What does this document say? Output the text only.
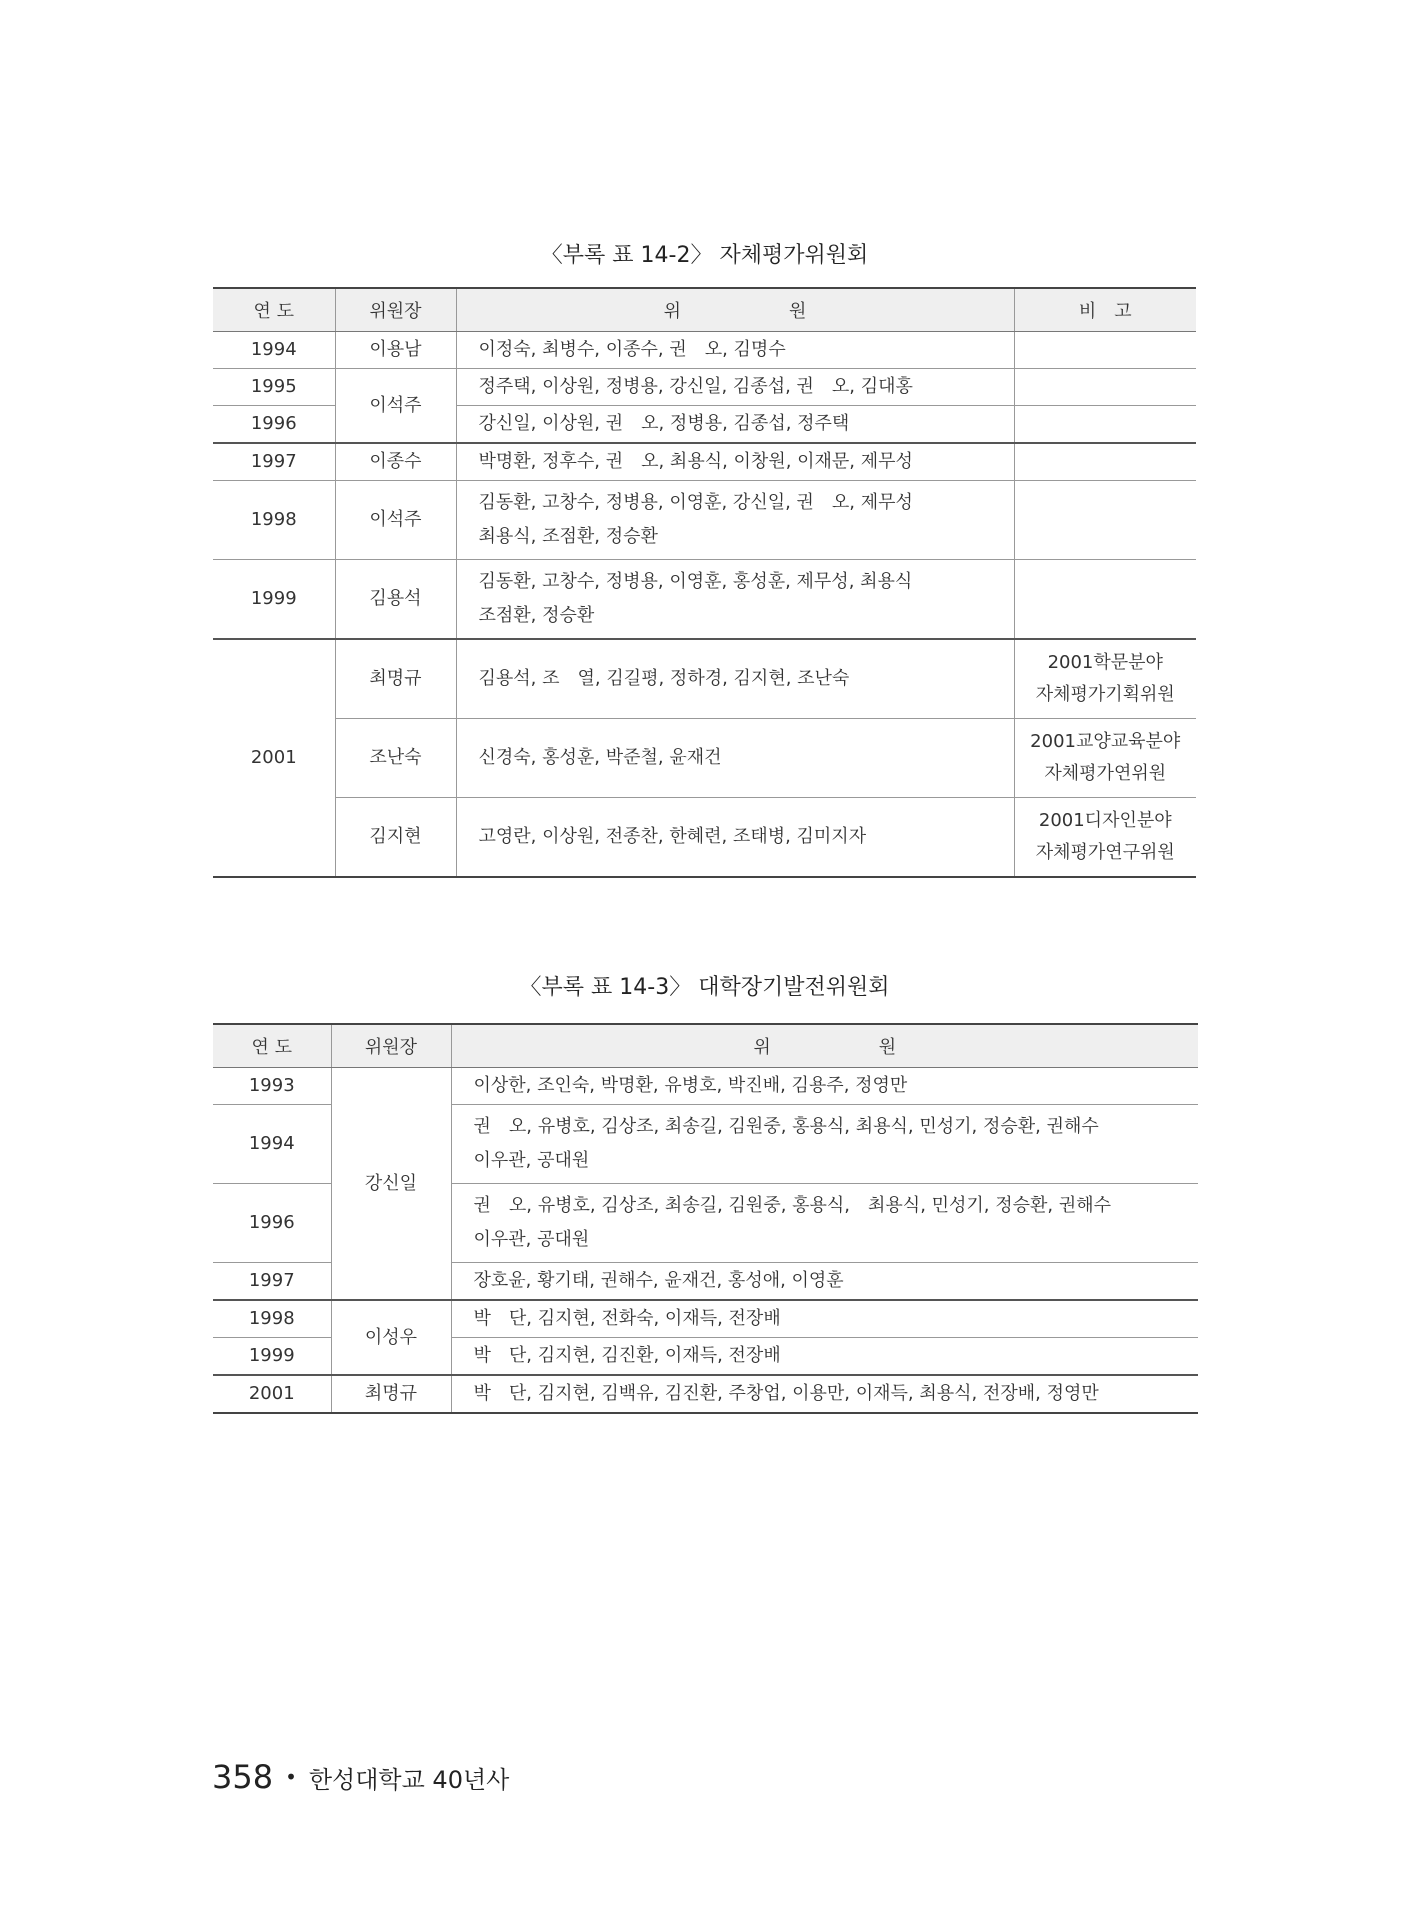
〈부록 표 14-2〉 자체평가위원회
연 도	위원장	위　　　　　　원	비　고
1994	이용남	이정숙, 최병수, 이종수, 권　오, 김명수	
1995	이석주	정주택, 이상원, 정병용, 강신일, 김종섭, 권　오, 김대홍	
1996		강신일, 이상원, 권　오, 정병용, 김종섭, 정주택	
1997	이종수	박명환, 정후수, 권　오, 최용식, 이창원, 이재문, 제무성	
1998	이석주	김동환, 고창수, 정병용, 이영훈, 강신일, 권　오, 제무성
최용식, 조점환, 정승환	

1999	김용석	김동환, 고창수, 정병용, 이영훈, 홍성훈, 제무성, 최용식
조점환, 정승환	

2001	최명규	김용석, 조　열, 김길평, 정하경, 김지현, 조난숙	2001학문분야
자체평가기획위원

	조난숙	신경숙, 홍성훈, 박준철, 윤재건	2001교양교육분야
자체평가연위원

	김지현	고영란, 이상원, 전종찬, 한혜련, 조태병, 김미지자	2001디자인분야
자체평가연구위원
〈부록 표 14-3〉 대학장기발전위원회
연 도	위원장	위　　　　　　원
1993	강신일	이상한, 조인숙, 박명환, 유병호, 박진배, 김용주, 정영만
1994		권　오, 유병호, 김상조, 최송길, 김원중, 홍용식, 최용식, 민성기, 정승환, 권해수
이우관, 공대원

1996		권　오, 유병호, 김상조, 최송길, 김원중, 홍용식,　최용식, 민성기, 정승환, 권해수
이우관, 공대원

1997		장호윤, 황기태, 권해수, 윤재건, 홍성애, 이영훈
1998	이성우	박　단, 김지현, 전화숙, 이재득, 전장배
1999		박　단, 김지현, 김진환, 이재득, 전장배
2001	최명규	박　단, 김지현, 김백유, 김진환, 주창업, 이용만, 이재득, 최용식, 전장배, 정영만
358 • 한성대학교 40년사
